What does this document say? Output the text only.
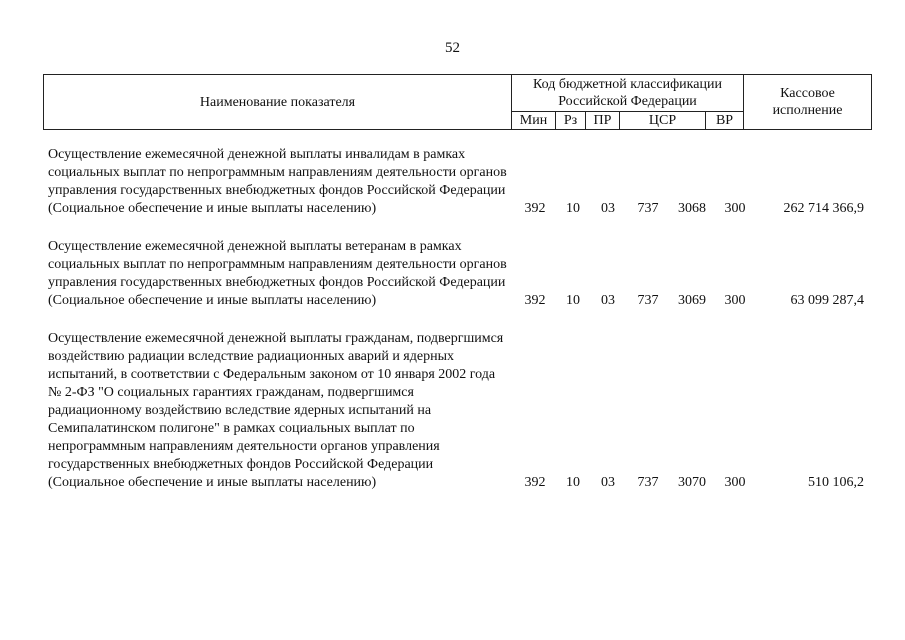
52
Наименование показателя	Код бюджетной классификации Российской Федерации					Кассовое исполнение
	Мин	Рз	ПР	ЦСР	ВР	
Осуществление ежемесячной денежной выплаты инвалидам в рамках социальных выплат по непрограммным направлениям деятельности органов управления государственных внебюджетных фондов Российской Федерации (Социальное обеспечение и иные выплаты населению)	392	10	03	737	3068	300	262 714 366,9
Осуществление ежемесячной денежной выплаты ветеранам в рамках социальных выплат по непрограммным направлениям деятельности органов управления государственных внебюджетных фондов Российской Федерации (Социальное обеспечение и иные выплаты населению)	392	10	03	737	3069	300	63 099 287,4
Осуществление ежемесячной денежной выплаты гражданам, подвергшимся воздействию радиации вследствие радиационных аварий и ядерных испытаний, в соответствии с Федеральным законом от 10 января 2002 года № 2-ФЗ "О социальных гарантиях гражданам, подвергшимся радиационному воздействию вследствие ядерных испытаний на Семипалатинском полигоне" в рамках социальных выплат по непрограммным направлениям деятельности органов управления государственных внебюджетных фондов Российской Федерации (Социальное обеспечение и иные выплаты населению)	392	10	03	737	3070	300	510 106,2
